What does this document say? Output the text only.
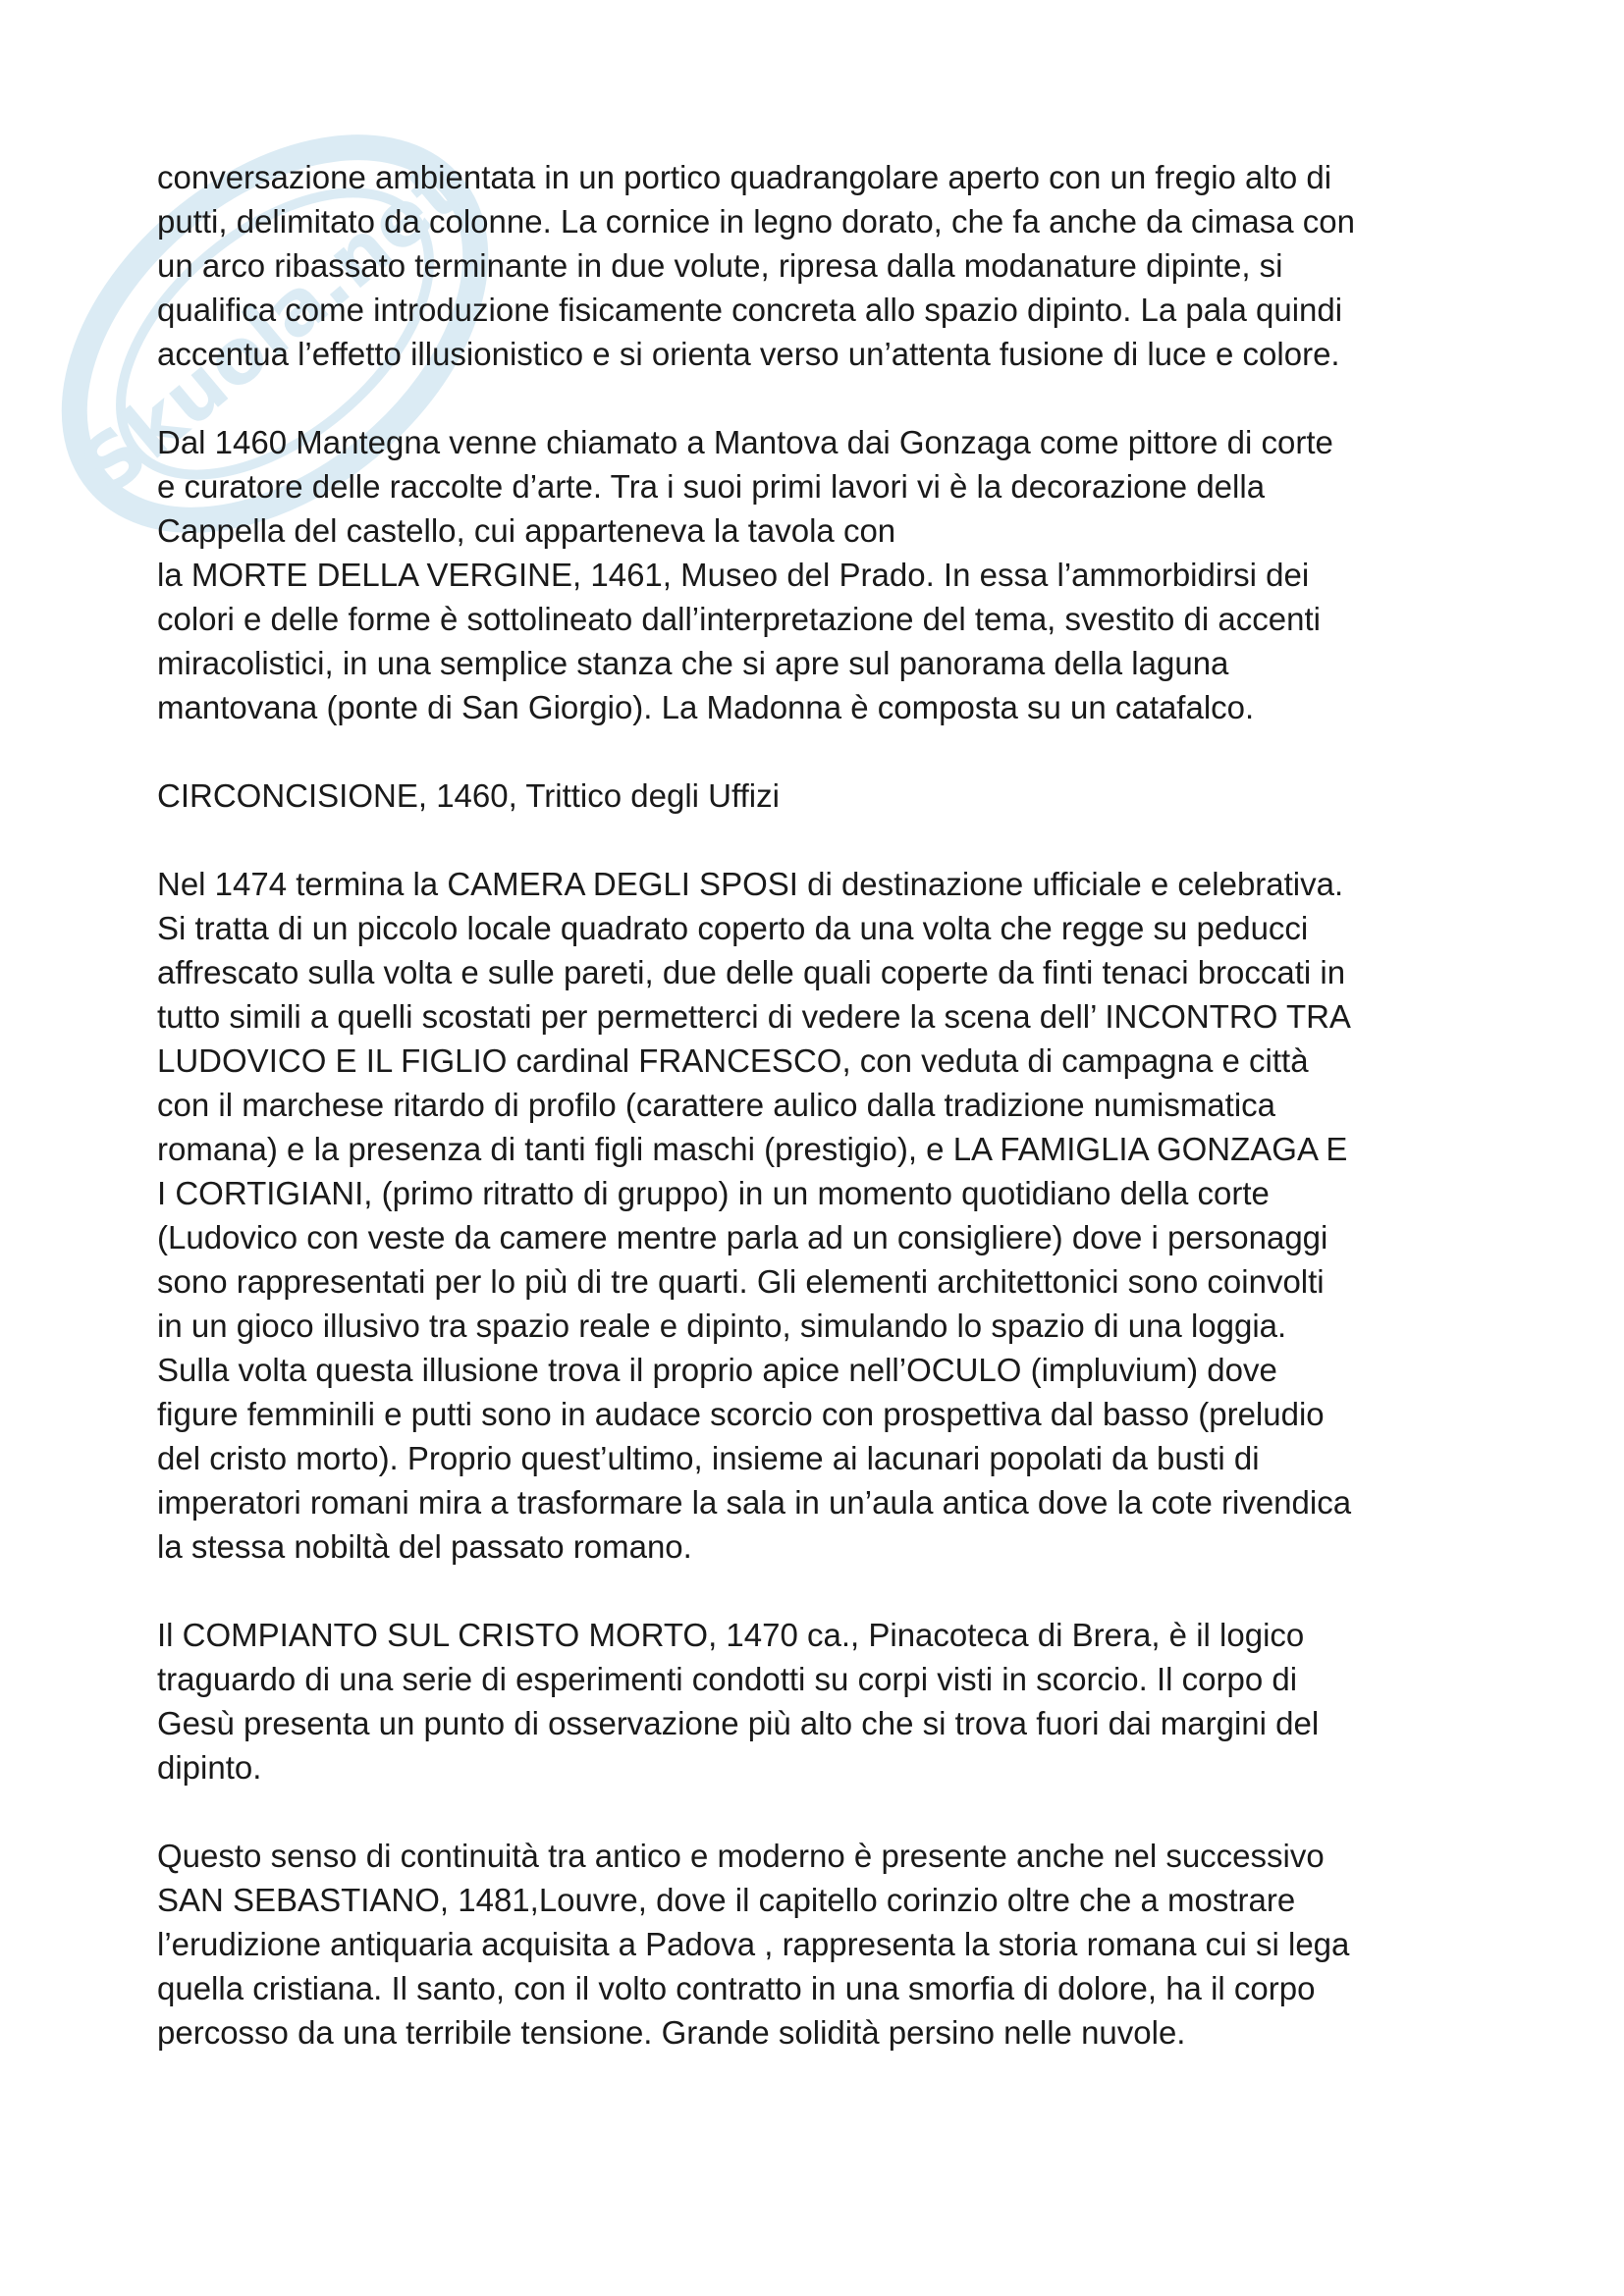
Skuola.net

conversazione ambientata in un portico quadrangolare aperto con un fregio alto di
putti, delimitato da colonne. La cornice in legno dorato, che fa anche da cimasa con
un arco ribassato terminante in due volute, ripresa dalla modanature dipinte, si
qualifica come introduzione fisicamente concreta allo spazio dipinto. La pala quindi
accentua l’effetto illusionistico e si orienta verso un’attenta fusione di luce e colore.

Dal 1460 Mantegna venne chiamato a Mantova dai Gonzaga come pittore di corte
e curatore delle raccolte d’arte. Tra i suoi primi lavori vi è la decorazione della
Cappella del castello, cui apparteneva la tavola con
la MORTE DELLA VERGINE, 1461, Museo del Prado. In essa l’ammorbidirsi dei
colori e delle forme è sottolineato dall’interpretazione del tema, svestito di accenti
miracolistici, in una semplice stanza che si apre sul panorama della laguna
mantovana (ponte di San Giorgio). La Madonna è composta su un catafalco.

CIRCONCISIONE, 1460, Trittico degli Uffizi

Nel 1474 termina la CAMERA DEGLI SPOSI di destinazione ufficiale e celebrativa.
Si tratta di un piccolo locale quadrato coperto da una volta che regge su peducci
affrescato sulla volta e sulle pareti, due delle quali coperte da finti tenaci broccati in
tutto simili a quelli scostati per permetterci di vedere la scena dell’ INCONTRO TRA
LUDOVICO E IL FIGLIO cardinal FRANCESCO, con veduta di campagna e città
con il marchese ritardo di profilo (carattere aulico dalla tradizione numismatica
romana) e la presenza di tanti figli maschi (prestigio), e LA FAMIGLIA GONZAGA E
I CORTIGIANI, (primo ritratto di gruppo) in un momento quotidiano della corte
(Ludovico con veste da camere mentre parla ad un consigliere) dove i personaggi
sono rappresentati per lo più di tre quarti. Gli elementi architettonici sono coinvolti
in un gioco illusivo tra spazio reale e dipinto, simulando lo spazio di una loggia.
Sulla volta questa illusione trova il proprio apice nell’OCULO (impluvium) dove
figure femminili e putti sono in audace scorcio con prospettiva dal basso (preludio
del cristo morto). Proprio quest’ultimo, insieme ai lacunari popolati da busti di
imperatori romani mira a trasformare la sala in un’aula antica dove la cote rivendica
la stessa nobiltà del passato romano.

Il COMPIANTO SUL CRISTO MORTO, 1470 ca., Pinacoteca di Brera, è il logico
traguardo di una serie di esperimenti condotti su corpi visti in scorcio. Il corpo di
Gesù presenta un punto di osservazione più alto che si trova fuori dai margini del
dipinto.

Questo senso di continuità tra antico e moderno è presente anche nel successivo
SAN SEBASTIANO, 1481,Louvre, dove il capitello corinzio oltre che a mostrare
l’erudizione antiquaria acquisita a Padova , rappresenta la storia romana cui si lega
quella cristiana. Il santo, con il volto contratto in una smorfia di dolore, ha il corpo
percosso da una terribile tensione. Grande solidità persino nelle nuvole.
